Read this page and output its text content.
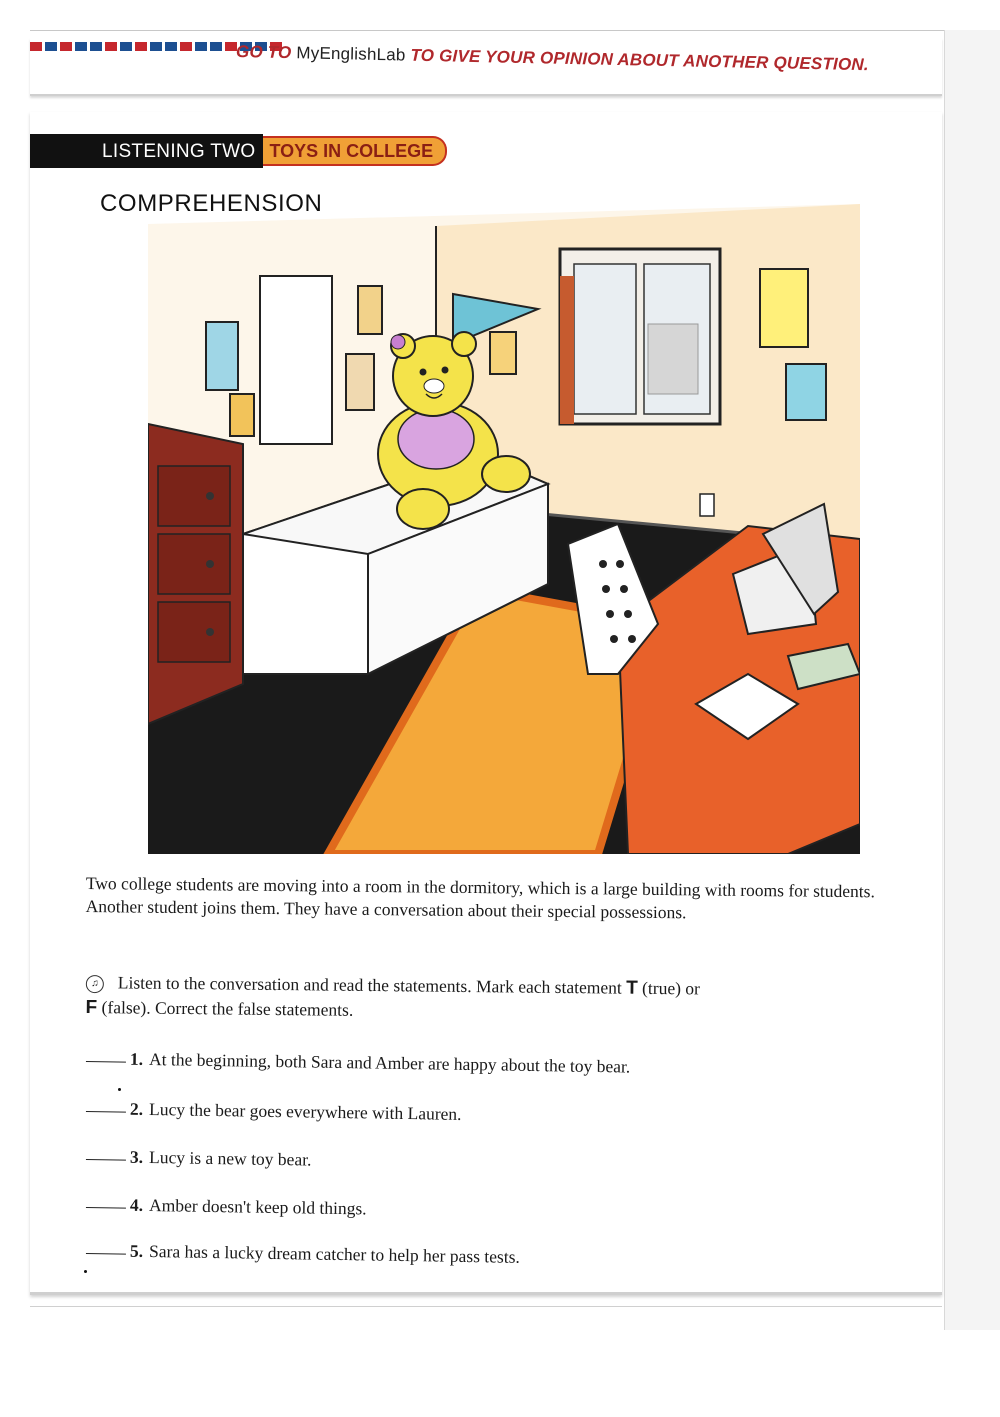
GO TO MyEnglishLab TO GIVE YOUR OPINION ABOUT ANOTHER QUESTION.
LISTENING TWO TOYS IN COLLEGE
COMPREHENSION
Two college students are moving into a room in the dormitory, which is a large building with rooms for students. Another student joins them. They have a conversation about their special possessions.
♫ Listen to the conversation and read the statements. Mark each statement T (true) or
F (false). Correct the false statements.
1. At the beginning, both Sara and Amber are happy about the toy bear.
2. Lucy the bear goes everywhere with Lauren.
3. Lucy is a new toy bear.
4. Amber doesn't keep old things.
5. Sara has a lucky dream catcher to help her pass tests.
